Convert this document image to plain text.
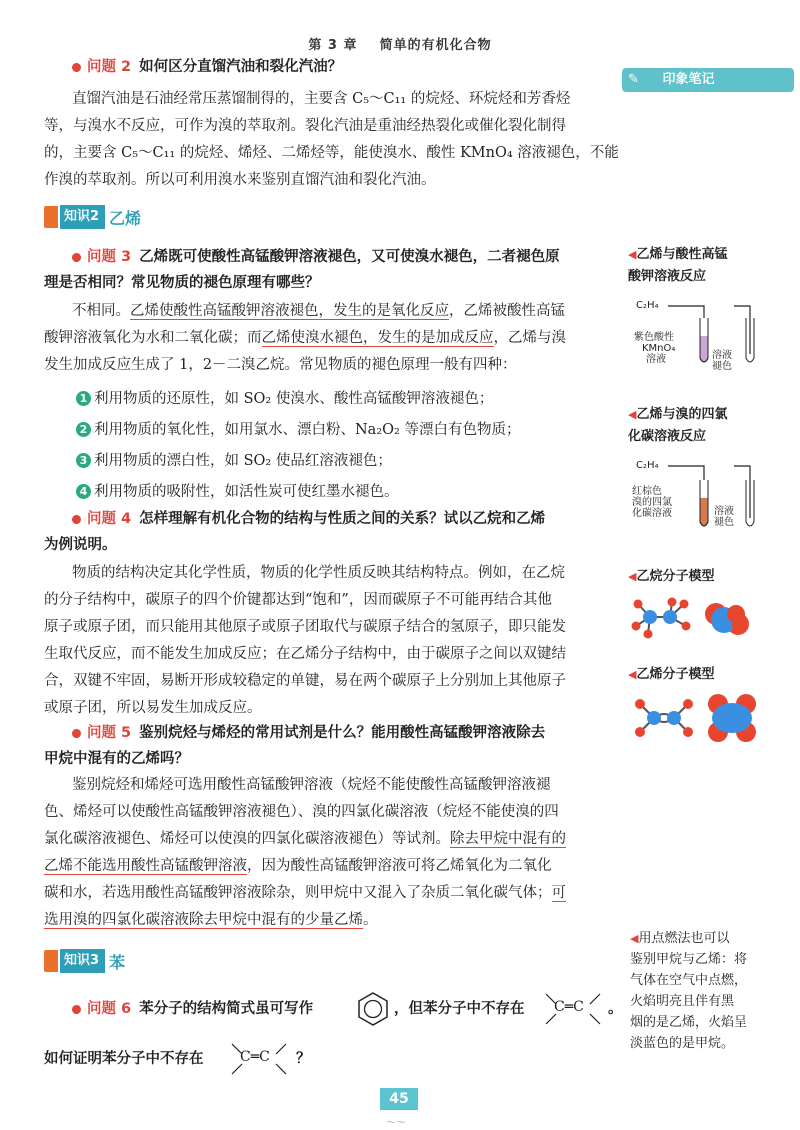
第 3 章 简单的有机化合物
✎ 印象笔记
问题 2 如何区分直馏汽油和裂化汽油？
直馏汽油是石油经常压蒸馏制得的，主要含 C₅～C₁₁ 的烷烃、环烷烃和芳香烃
等，与溴水不反应，可作为溴的萃取剂。裂化汽油是重油经热裂化或催化裂化制得
的，主要含 C₅～C₁₁ 的烷烃、烯烃、二烯烃等，能使溴水、酸性 KMnO₄ 溶液褪色，不能
作溴的萃取剂。所以可利用溴水来鉴别直馏汽油和裂化汽油。
知识2 乙烯
问题 3 乙烯既可使酸性高锰酸钾溶液褪色，又可使溴水褪色，二者褪色原
理是否相同？常见物质的褪色原理有哪些？
不相同。乙烯使酸性高锰酸钾溶液褪色，发生的是氧化反应，乙烯被酸性高锰
酸钾溶液氧化为水和二氧化碳；而乙烯使溴水褪色，发生的是加成反应，乙烯与溴
发生加成反应生成了 1，2－二溴乙烷。常见物质的褪色原理一般有四种：
1 利用物质的还原性，如 SO₂ 使溴水、酸性高锰酸钾溶液褪色；
2 利用物质的氧化性，如用氯水、漂白粉、Na₂O₂ 等漂白有色物质；
3 利用物质的漂白性，如 SO₂ 使品红溶液褪色；
4 利用物质的吸附性，如活性炭可使红墨水褪色。
问题 4 怎样理解有机化合物的结构与性质之间的关系？试以乙烷和乙烯
为例说明。
物质的结构决定其化学性质，物质的化学性质反映其结构特点。例如，在乙烷
的分子结构中，碳原子的四个价键都达到“饱和”，因而碳原子不可能再结合其他
原子或原子团，而只能用其他原子或原子团取代与碳原子结合的氢原子，即只能发
生取代反应，而不能发生加成反应；在乙烯分子结构中，由于碳原子之间以双键结
合，双键不牢固，易断开形成较稳定的单键，易在两个碳原子上分别加上其他原子
或原子团，所以易发生加成反应。
问题 5 鉴别烷烃与烯烃的常用试剂是什么？能用酸性高锰酸钾溶液除去
甲烷中混有的乙烯吗？
鉴别烷烃和烯烃可选用酸性高锰酸钾溶液（烷烃不能使酸性高锰酸钾溶液褪
色、烯烃可以使酸性高锰酸钾溶液褪色）、溴的四氯化碳溶液（烷烃不能使溴的四
氯化碳溶液褪色、烯烃可以使溴的四氯化碳溶液褪色）等试剂。除去甲烷中混有的
乙烯不能选用酸性高锰酸钾溶液，因为酸性高锰酸钾溶液可将乙烯氧化为二氧化
碳和水，若选用酸性高锰酸钾溶液除杂，则甲烷中又混入了杂质二氧化碳气体；可
选用溴的四氯化碳溶液除去甲烷中混有的少量乙烯。
知识3 苯
问题 6 苯分子的结构简式虽可写作	，但苯分子中不存在 C═C 。
如何证明苯分子中不存在	C═C ？
◀乙烯与酸性高锰
酸钾溶液反应
C₂H₄
紫色酸性
KMnO₄
溶液	溶液
褪色
◀乙烯与溴的四氯
化碳溶液反应
C₂H₄
红棕色
溴的四氯
化碳溶液	溶液
褪色
◀乙烷分子模型
◀乙烯分子模型
◀用点燃法也可以
鉴别甲烷与乙烯：将
气体在空气中点燃，
火焰明亮且伴有黑
烟的是乙烯，火焰呈
淡蓝色的是甲烷。
45
～～
